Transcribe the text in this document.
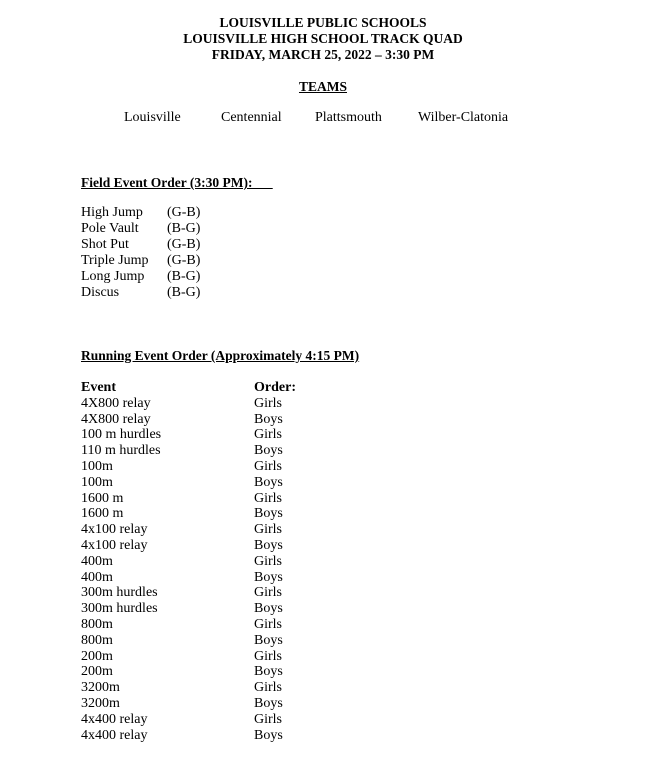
LOUISVILLE PUBLIC SCHOOLS
LOUISVILLE HIGH SCHOOL TRACK QUAD
FRIDAY, MARCH 25, 2022 – 3:30 PM
TEAMS
Louisville	Centennial Plattsmouth	Wilber-Clatonia
Field Event Order (3:30 PM):
High Jump	(G-B)
Pole Vault	(B-G)
Shot Put	(G-B)
Triple Jump	(G-B)
Long Jump	(B-G)
Discus	(B-G)
Running Event Order (Approximately 4:15 PM)
Event	Order:
4X800 relay	Girls
4X800 relay	Boys
100 m hurdles	Girls
110 m hurdles	Boys
100m	Girls
100m	Boys
1600 m	Girls
1600 m	Boys
4x100 relay	Girls
4x100 relay	Boys
400m	Girls
400m	Boys
300m hurdles	Girls
300m hurdles	Boys
800m	Girls
800m	Boys
200m	Girls
200m	Boys
3200m	Girls
3200m	Boys
4x400 relay	Girls
4x400 relay	Boys
